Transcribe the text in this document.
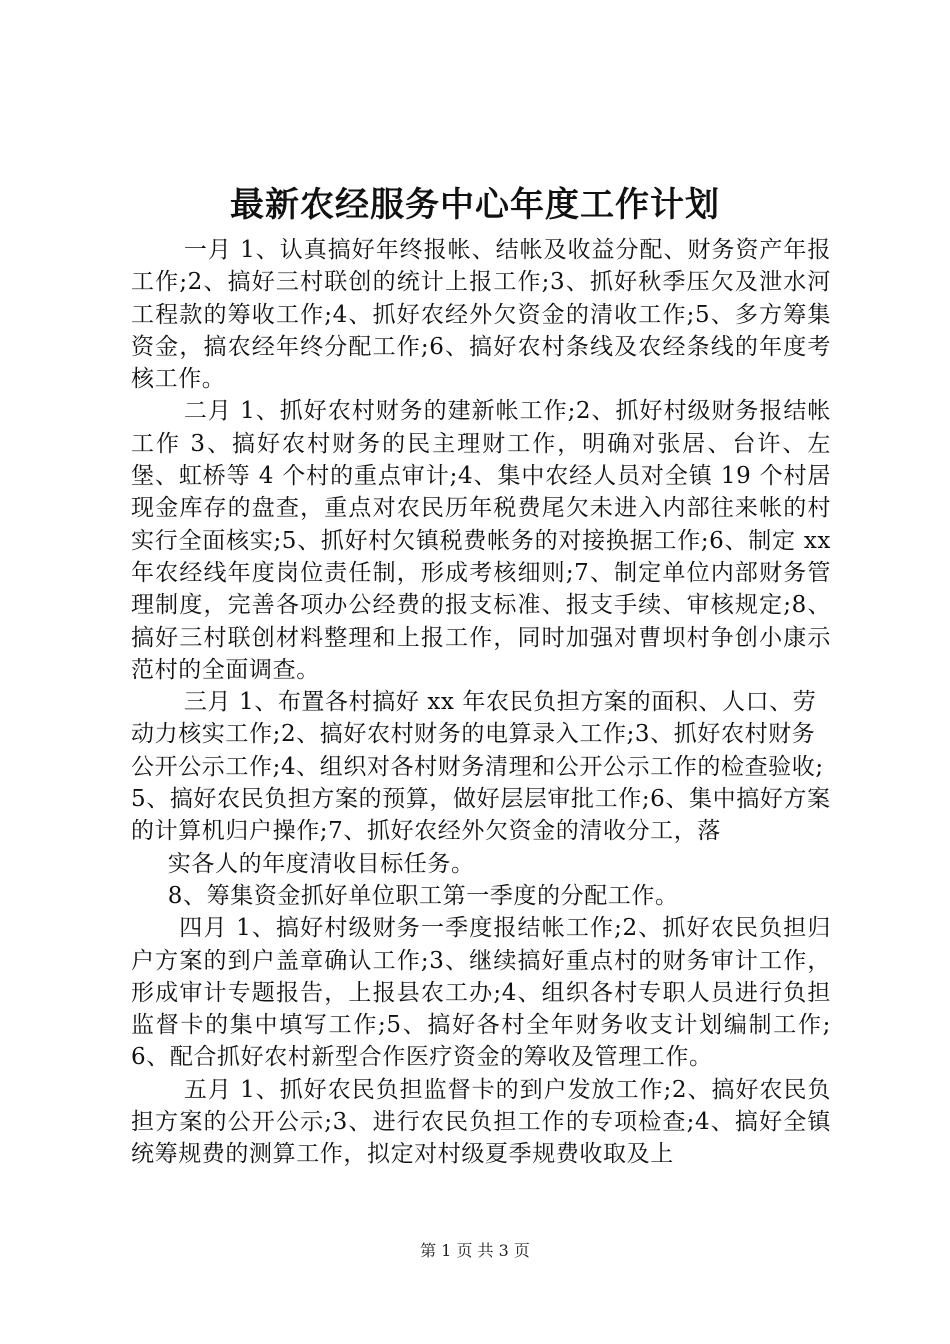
最新农经服务中心年度工作计划

一月 1、认真搞好年终报帐、结帐及收益分配、财务资产年报工作;2、搞好三村联创的统计上报工作;3、抓好秋季压欠及泄水河工程款的筹收工作;4、抓好农经外欠资金的清收工作;5、多方筹集资金，搞农经年终分配工作;6、搞好农村条线及农经条线的年度考核工作。

二月 1、抓好农村财务的建新帐工作;2、抓好村级财务报结帐工作 3、搞好农村财务的民主理财工作，明确对张居、台许、左堡、虹桥等 4 个村的重点审计;4、集中农经人员对全镇 19 个村居现金库存的盘查，重点对农民历年税费尾欠未进入内部往来帐的村实行全面核实;5、抓好村欠镇税费帐务的对接换据工作;6、制定 xx 年农经线年度岗位责任制，形成考核细则;7、制定单位内部财务管理制度，完善各项办公经费的报支标准、报支手续、审核规定;8、搞好三村联创材料整理和上报工作，同时加强对曹坝村争创小康示范村的全面调查。

三月 1、布置各村搞好 xx 年农民负担方案的面积、人口、劳动力核实工作;2、搞好农村财务的电算录入工作;3、抓好农村财务公开公示工作;4、组织对各村财务清理和公开公示工作的检查验收;5、搞好农民负担方案的预算，做好层层审批工作;6、集中搞好方案的计算机归户操作;7、抓好农经外欠资金的清收分工，落

实各人的年度清收目标任务。

8、筹集资金抓好单位职工第一季度的分配工作。

四月 1、搞好村级财务一季度报结帐工作;2、抓好农民负担归户方案的到户盖章确认工作;3、继续搞好重点村的财务审计工作，形成审计专题报告，上报县农工办;4、组织各村专职人员进行负担监督卡的集中填写工作;5、搞好各村全年财务收支计划编制工作;6、配合抓好农村新型合作医疗资金的筹收及管理工作。

五月 1、抓好农民负担监督卡的到户发放工作;2、搞好农民负担方案的公开公示;3、进行农民负担工作的专项检查;4、搞好全镇统筹规费的测算工作，拟定对村级夏季规费收取及上

第 1 页 共 3 页
